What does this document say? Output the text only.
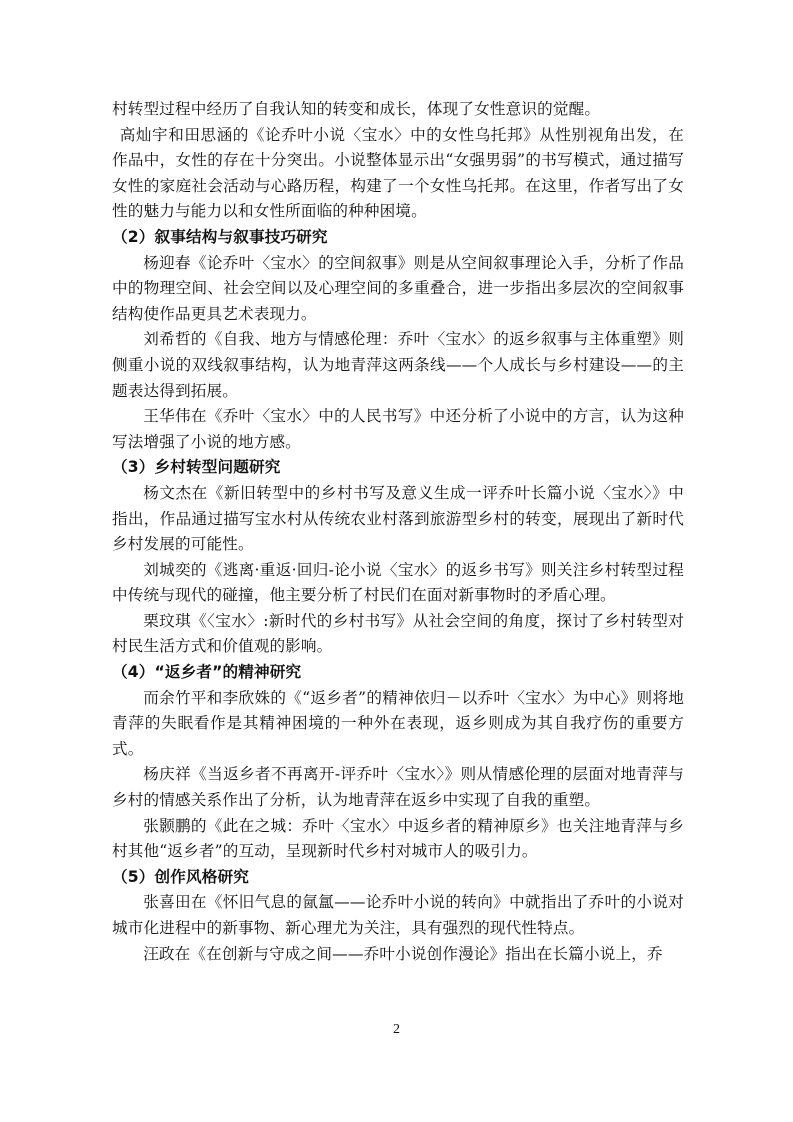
村转型过程中经历了自我认知的转变和成长，体现了女性意识的觉醒。

高灿宇和田思涵的《论乔叶小说〈宝水〉中的女性乌托邦》从性别视角出发，在作品中，女性的存在十分突出。小说整体显示出“女强男弱”的书写模式，通过描写女性的家庭社会活动与心路历程，构建了一个女性乌托邦。在这里，作者写出了女性的魅力与能力以和女性所面临的种种困境。

（2）叙事结构与叙事技巧研究

杨迎春《论乔叶〈宝水〉的空间叙事》则是从空间叙事理论入手，分析了作品中的物理空间、社会空间以及心理空间的多重叠合，进一步指出多层次的空间叙事结构使作品更具艺术表现力。

刘希哲的《自我、地方与情感伦理：乔叶〈宝水〉的返乡叙事与主体重塑》则侧重小说的双线叙事结构，认为地青萍这两条线——个人成长与乡村建设——的主题表达得到拓展。

王华伟在《乔叶〈宝水〉中的人民书写》中还分析了小说中的方言，认为这种写法增强了小说的地方感。

（3）乡村转型问题研究

杨文杰在《新旧转型中的乡村书写及意义生成一评乔叶长篇小说〈宝水〉》中指出，作品通过描写宝水村从传统农业村落到旅游型乡村的转变，展现出了新时代乡村发展的可能性。

刘城奕的《逃离·重返·回归-论小说〈宝水〉的返乡书写》则关注乡村转型过程中传统与现代的碰撞，他主要分析了村民们在面对新事物时的矛盾心理。

栗玟琪《〈宝水〉:新时代的乡村书写》从社会空间的角度，探讨了乡村转型对村民生活方式和价值观的影响。

（4）“返乡者”的精神研究

而余竹平和李欣姝的《“返乡者”的精神依归－以乔叶〈宝水〉为中心》则将地青萍的失眠看作是其精神困境的一种外在表现，返乡则成为其自我疗伤的重要方式。

杨庆祥《当返乡者不再离开-评乔叶〈宝水〉》则从情感伦理的层面对地青萍与乡村的情感关系作出了分析，认为地青萍在返乡中实现了自我的重塑。

张颢鹏的《此在之城：乔叶〈宝水〉中返乡者的精神原乡》也关注地青萍与乡村其他“返乡者”的互动，呈现新时代乡村对城市人的吸引力。

（5）创作风格研究

张喜田在《怀旧气息的氤氲——论乔叶小说的转向》中就指出了乔叶的小说对城市化进程中的新事物、新心理尤为关注，具有强烈的现代性特点。

汪政在《在创新与守成之间——乔叶小说创作漫论》指出在长篇小说上，乔

2
